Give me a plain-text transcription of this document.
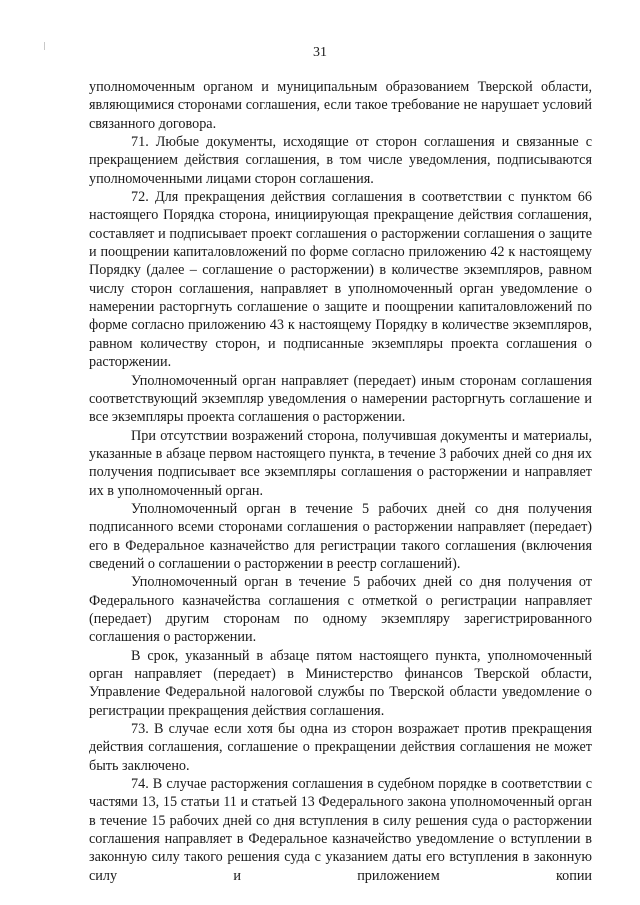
31

уполномоченным органом и муниципальным образованием Тверской области, являющимися сторонами соглашения, если такое требование не нарушает условий связанного договора.

71. Любые документы, исходящие от сторон соглашения и связанные с прекращением действия соглашения, в том числе уведомления, подписываются уполномоченными лицами сторон соглашения.

72. Для прекращения действия соглашения в соответствии с пунктом 66 настоящего Порядка сторона, инициирующая прекращение действия соглашения, составляет и подписывает проект соглашения о расторжении соглашения о защите и поощрении капиталовложений по форме согласно приложению 42 к настоящему Порядку (далее – соглашение о расторжении) в количестве экземпляров, равном числу сторон соглашения, направляет в уполномоченный орган уведомление о намерении расторгнуть соглашение о защите и поощрении капиталовложений по форме согласно приложению 43 к настоящему Порядку в количестве экземпляров, равном количеству сторон, и подписанные экземпляры проекта соглашения о расторжении.

Уполномоченный орган направляет (передает) иным сторонам соглашения соответствующий экземпляр уведомления о намерении расторгнуть соглашение и все экземпляры проекта соглашения о расторжении.

При отсутствии возражений сторона, получившая документы и материалы, указанные в абзаце первом настоящего пункта, в течение 3 рабочих дней со дня их получения подписывает все экземпляры соглашения о расторжении и направляет их в уполномоченный орган.

Уполномоченный орган в течение 5 рабочих дней со дня получения подписанного всеми сторонами соглашения о расторжении направляет (передает) его в Федеральное казначейство для регистрации такого соглашения (включения сведений о соглашении о расторжении в реестр соглашений).

Уполномоченный орган в течение 5 рабочих дней со дня получения от Федерального казначейства соглашения с отметкой о регистрации направляет (передает) другим сторонам по одному экземпляру зарегистрированного соглашения о расторжении.

В срок, указанный в абзаце пятом настоящего пункта, уполномоченный орган направляет (передает) в Министерство финансов Тверской области, Управление Федеральной налоговой службы по Тверской области уведомление о регистрации прекращения действия соглашения.

73. В случае если хотя бы одна из сторон возражает против прекращения действия соглашения, соглашение о прекращении действия соглашения не может быть заключено.

74. В случае расторжения соглашения в судебном порядке в соответствии с частями 13, 15 статьи 11 и статьей 13 Федерального закона уполномоченный орган в течение 15 рабочих дней со дня вступления в силу решения суда о расторжении соглашения направляет в Федеральное казначейство уведомление о вступлении в законную силу такого решения суда с указанием даты его вступления в законную силу и приложением копии
